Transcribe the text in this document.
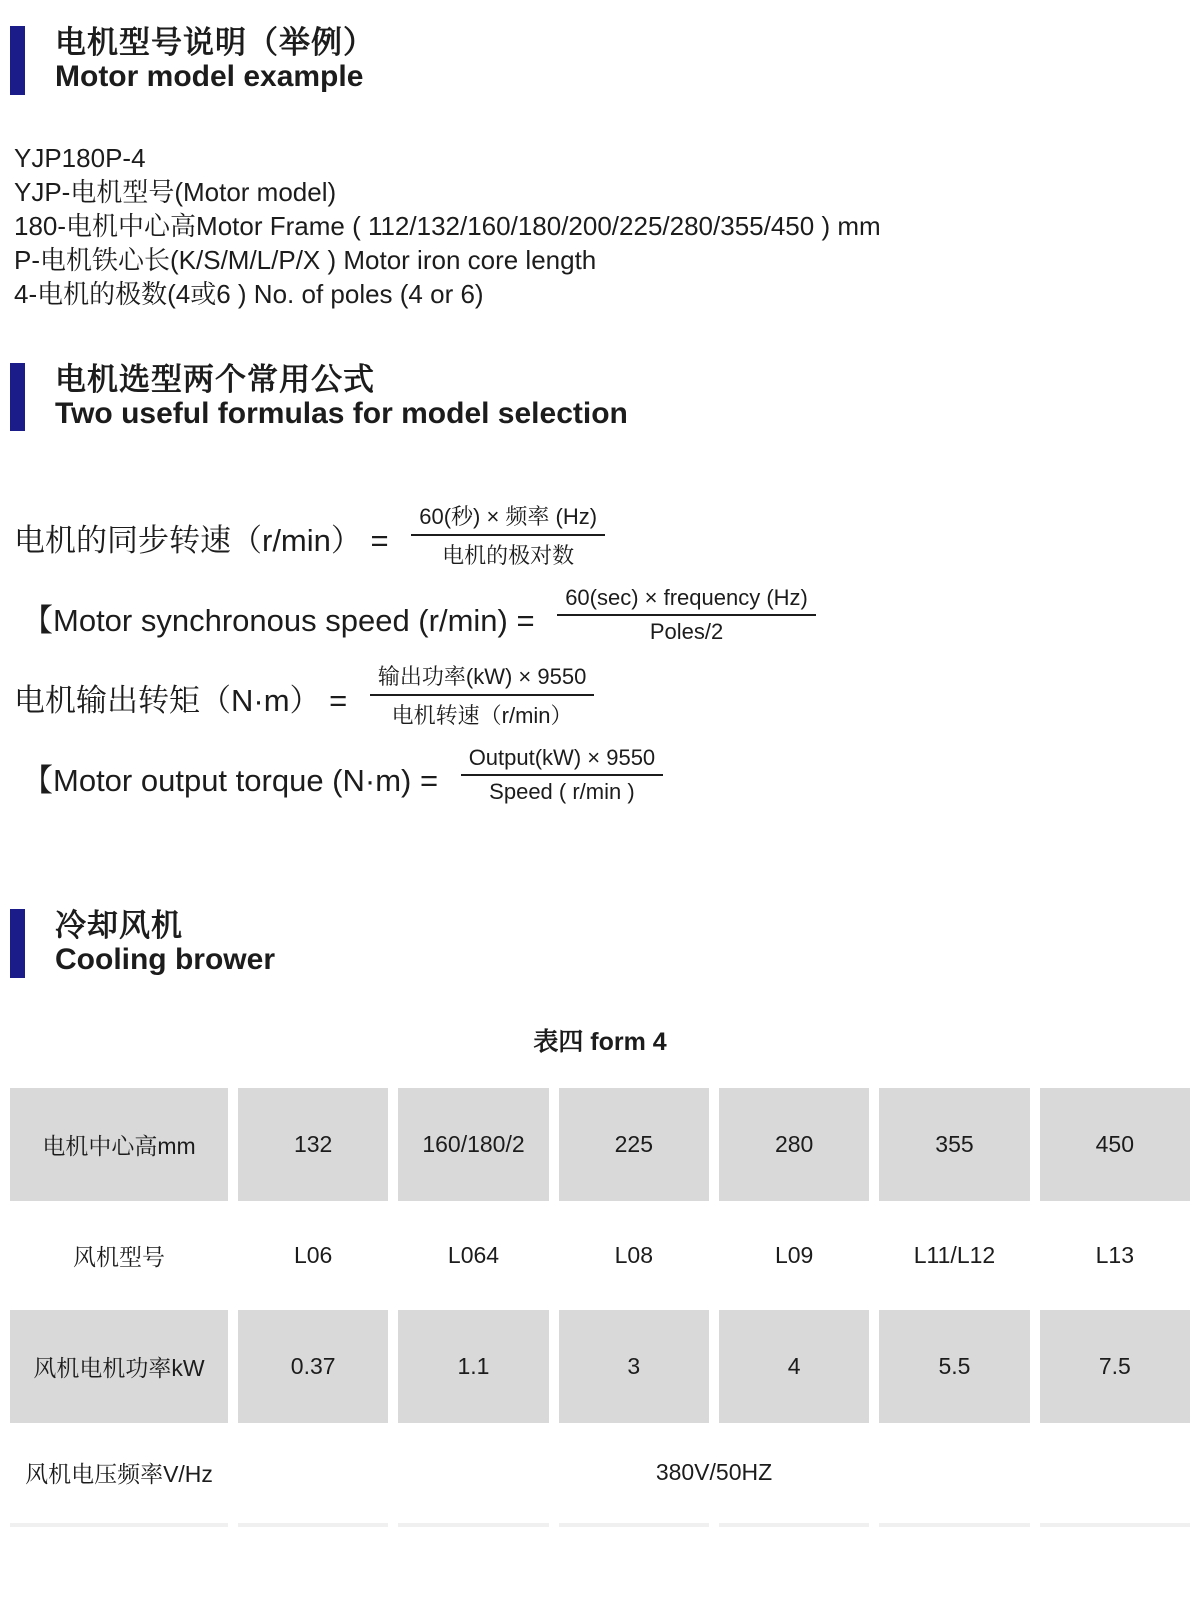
电机型号说明（举例）
Motor model example

YJP180P-4

YJP-电机型号(Motor model)

180-电机中心高Motor Frame ( 112/132/160/180/200/225/280/355/450 ) mm

P-电机铁心长(K/S/M/L/P/X ) Motor iron core length

4-电机的极数(4或6 ) No. of poles (4 or 6)

电机选型两个常用公式
Two useful formulas for model selection
电机的同步转速$(r/\min) = \frac{\text{60(秒) × 频率 (Hz)}}{\text{电机的极对数}}$
【Motor synchronous speed $(r/\min) = \frac{\text{60(sec) × frequency (Hz)}}{\text{Poles/2}}$
电机输出转矩$(N\cdot m) = \frac{\text{输出功率(kW) × 9550}}{\text{电机转速（r/min）}}$
【Motor output torque $(N\cdot m) = \frac{\text{Output(kW) × 9550}}{\text{Speed ( r/min )}}$
冷却风机
Cooling brower
表四 form 4
电机中心高mm	132	160/180/2	225	280	355	450
风机型号	L06	L064	L08	L09	L11/L12	L13
风机电机功率kW	0.37	1.1	3	4	5.5	7.5
风机电压频率V/Hz	380V/50HZ
